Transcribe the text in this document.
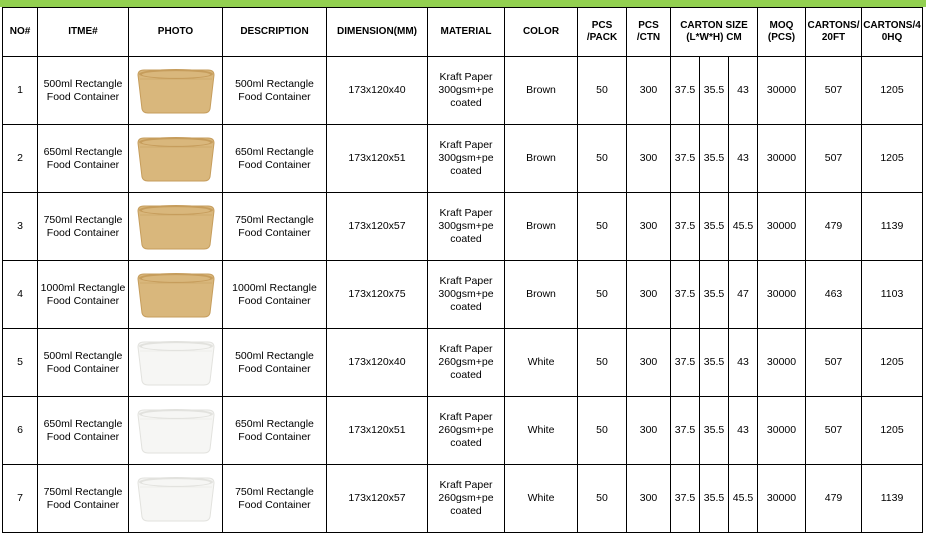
NO#	ITME#	PHOTO	DESCRIPTION	DIMENSION(MM)	MATERIAL	COLOR	PCS /PACK	PCS /CTN	CARTON SIZE (L*W*H) CM			MOQ (PCS)	CARTONS/ 20FT	CARTONS/4 0HQ
1	500ml Rectangle Food Container		500ml Rectangle Food Container	173x120x40	Kraft Paper 300gsm+pe coated	Brown	50	300	37.5	35.5	43	30000	507	1205
2	650ml Rectangle Food Container		650ml Rectangle Food Container	173x120x51	Kraft Paper 300gsm+pe coated	Brown	50	300	37.5	35.5	43	30000	507	1205
3	750ml Rectangle Food Container		750ml Rectangle Food Container	173x120x57	Kraft Paper 300gsm+pe coated	Brown	50	300	37.5	35.5	45.5	30000	479	1139
4	1000ml Rectangle Food Container		1000ml Rectangle Food Container	173x120x75	Kraft Paper 300gsm+pe coated	Brown	50	300	37.5	35.5	47	30000	463	1103
5	500ml Rectangle Food Container		500ml Rectangle Food Container	173x120x40	Kraft Paper 260gsm+pe coated	White	50	300	37.5	35.5	43	30000	507	1205
6	650ml Rectangle Food Container		650ml Rectangle Food Container	173x120x51	Kraft Paper 260gsm+pe coated	White	50	300	37.5	35.5	43	30000	507	1205
7	750ml Rectangle Food Container		750ml Rectangle Food Container	173x120x57	Kraft Paper 260gsm+pe coated	White	50	300	37.5	35.5	45.5	30000	479	1139
